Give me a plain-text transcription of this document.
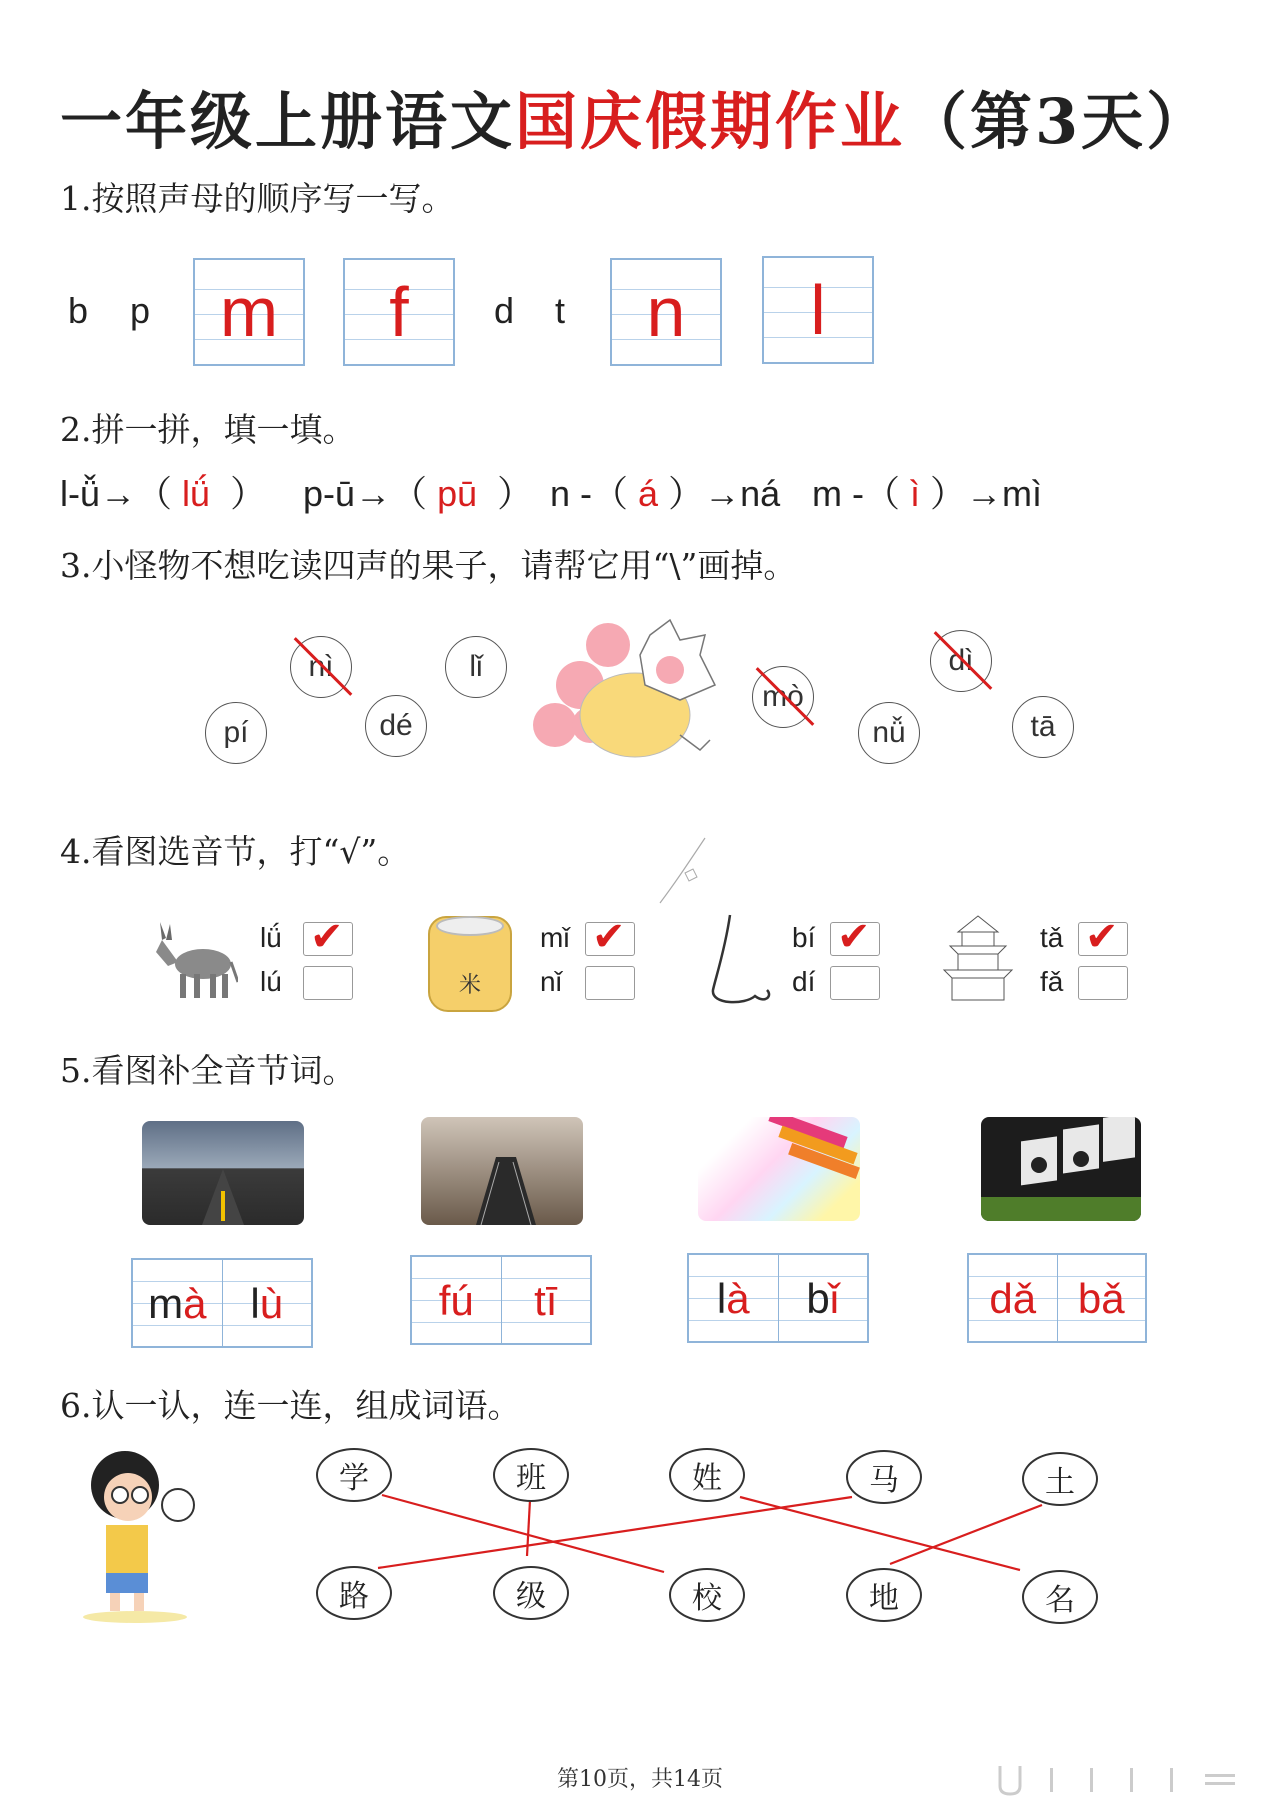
一年级上册语文国庆假期作业（第3天）
1.按照声母的顺序写一写。
b p m	f	d t	n	l
2.拼一拼，填一填。
l-ǚ→（ lǘ ） p-ū→（ pū ） n -（ á ）→ná m -（ ì ）→mì
3.小怪物不想吃读四声的果子，请帮它用“\”画掉。
nì	lǐ
pí	dé
mò
dì
nǚ	tā
4.看图选音节，打“√”。
lǘ ✔
lú	米
mǐ ✔
nǐ
bí ✔
dí
tǎ ✔
fǎ
5.看图补全音节词。
mà	lù	fú	tī	là	bǐ	dǎ bǎ
6.认一认，连一连，组成词语。
学	班	姓	马	土
路	级	校	地	名
第10页，共14页
